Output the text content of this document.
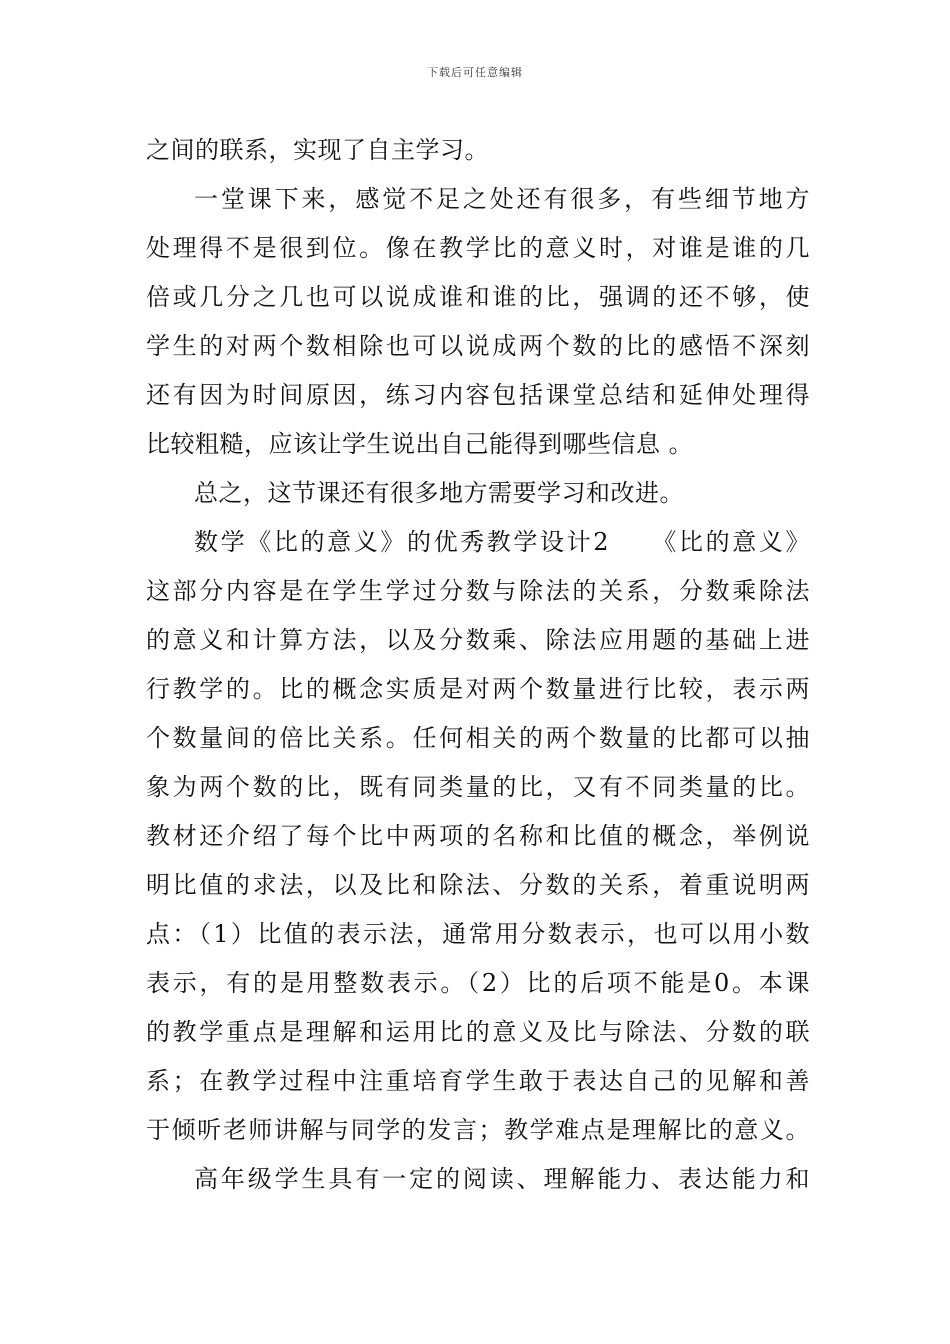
下载后可任意编辑
之间的联系，实现了自主学习。
一堂课下来，感觉不足之处还有很多，有些细节地方
处理得不是很到位。像在教学比的意义时，对谁是谁的几
倍或几分之几也可以说成谁和谁的比，强调的还不够，使
学生的对两个数相除也可以说成两个数的比的感悟不深刻
还有因为时间原因，练习内容包括课堂总结和延伸处理得
比较粗糙，应该让学生说出自己能得到哪些信息 。
总之，这节课还有很多地方需要学习和改进。
数学《比的意义》的优秀教学设计2　　《比的意义》
这部分内容是在学生学过分数与除法的关系，分数乘除法
的意义和计算方法，以及分数乘、除法应用题的基础上进
行教学的。比的概念实质是对两个数量进行比较，表示两
个数量间的倍比关系。任何相关的两个数量的比都可以抽
象为两个数的比，既有同类量的比，又有不同类量的比。
教材还介绍了每个比中两项的名称和比值的概念，举例说
明比值的求法，以及比和除法、分数的关系，着重说明两
点：（1）比值的表示法，通常用分数表示，也可以用小数
表示，有的是用整数表示。（2）比的后项不能是0。本课
的教学重点是理解和运用比的意义及比与除法、分数的联
系；在教学过程中注重培育学生敢于表达自己的见解和善
于倾听老师讲解与同学的发言；教学难点是理解比的意义。
高年级学生具有一定的阅读、理解能力、表达能力和
